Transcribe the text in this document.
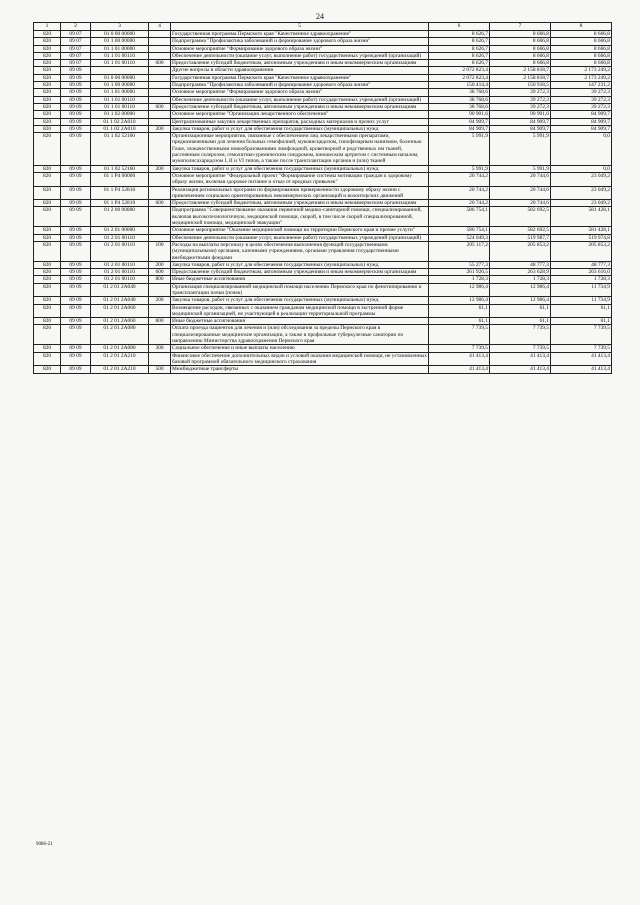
24
1	2	3	4	5	6	7	8
820	09 07	01 0 00 00000		Государственная программа Пермского края "Качественное здравоохранение"	8 626,7	8 666,8	8 666,8
820	09 07	01 1 00 00000		Подпрограмма "Профилактика заболеваний и формирование здорового образа жизни"	8 626,7	8 666,8	8 666,8
820	09 07	01 1 01 00000		Основное мероприятие "Формирование здорового образа жизни"	8 626,7	8 666,8	8 666,8
820	09 07	01 1 01 00110		Обеспечение деятельности (оказание услуг, выполнение работ) государственных учреждений (организаций)	8 626,7	8 666,8	8 666,8
820	09 07	01 1 01 00110	600	Предоставление субсидий бюджетным, автономным учреждениям и иным некоммерческим организациям	8 626,7	8 666,8	8 666,8
820	09 09			Другие вопросы в области здравоохранения	2 072 823,4	2 158 818,7	2 173 249,2
820	09 09	01 0 00 00000		Государственная программа Пермского края "Качественное здравоохранение"	2 072 823,4	2 158 818,7	2 173 249,2
820	09 09	01 1 00 00000		Подпрограмма "Профилактика заболеваний и формирование здорового образа жизни"	150 414,4	150 918,5	147 231,2
820	09 09	01 1 01 00000		Основное мероприятие "Формирование здорового образа жизни"	38 768,6	39 272,3	39 272,3
820	09 09	01 1 01 00110		Обеспечение деятельности (оказание услуг, выполнение работ) государственных учреждений (организаций)	38 768,6	39 272,3	39 272,3
820	09 09	01 1 01 00110	600	Предоставление субсидий бюджетным, автономным учреждениям и иным некоммерческим организациям	38 768,6	39 272,3	39 272,3
820	09 09	01 1 02 00000		Основное мероприятие "Организация лекарственного обеспечения"	90 901,6	90 901,6	84 909,7
820	09 09	01 1 02 2А010		Централизованные закупки лекарственных препаратов, расходных материалов и прочих услуг	84 909,7	84 909,7	84 909,7
820	09 09	01 1 02 2А010	200	Закупка товаров, работ и услуг для обеспечения государственных (муниципальных) нужд	84 909,7	84 909,7	84 909,7
820	09 09	01 1 02 52160		Организационные мероприятия, связанные с обеспечением лиц лекарственными препаратами, предназначенными для лечения больных гемофилией, муковисцидозом, гипофизарным нанизмом, болезнью Гоше, злокачественными новообразованиями лимфоидной, кроветворной и родственных им тканей, рассеянным склерозом, гемолитико-уремическим синдромом, юношеским артритом с системным началом, мукополисахаридозом I, II и VI типов, а также после трансплантации органов и (или) тканей	5 991,9	5 991,9	0,0
820	09 09	01 1 02 52160	200	Закупка товаров, работ и услуг для обеспечения государственных (муниципальных) нужд	5 991,9	5 991,9	0,0
820	09 09	01 1 P4 00000		Основное мероприятие "Федеральный проект "Формирование системы мотивации граждан к здоровому образу жизни, включая здоровое питание и отказ от вредных привычек"	20 744,2	20 744,6	23 049,2
820	09 09	01 1 P4 52810		Реализация региональных программ по формированию приверженности здоровому образу жизни с привлечением социально ориентированных некоммерческих организаций и волонтерских движений	20 744,2	20 744,6	23 049,2
820	09 09	01 1 P4 52810	600	Предоставление субсидий бюджетным, автономным учреждениям и иным некоммерческим организациям	20 744,2	20 744,6	23 049,2
820	09 09	01 2 00 00000		Подпрограмма "Совершенствование оказания первичной медико-санитарной помощи, специализированной, включая высокотехнологичную, медицинской помощи, скорой, в том числе скорой специализированной, медицинской помощи, медицинской эвакуации"	586 754,1	582 692,5	581 428,1
820	09 09	01 2 01 00000		Основное мероприятие "Оказание медицинской помощи на территории Пермского края и прочие услуги"	586 754,1	582 692,5	581 428,1
820	09 09	01 2 01 00110		Обеспечение деятельности (оказание услуг, выполнение работ) государственных учреждений (организаций)	524 049,3	519 987,7	519 974,8
820	09 09	01 2 01 00110	100	Расходы на выплаты персоналу в целях обеспечения выполнения функций государственными (муниципальными) органами, казенными учреждениями, органами управления государственными внебюджетными фондами	205 117,2	205 853,2	205 853,2
820	09 09	01 2 01 00110	200	Закупка товаров, работ и услуг для обеспечения государственных (муниципальных) нужд	55 277,3	48 777,3	48 777,3
820	09 09	01 2 01 00110	600	Предоставление субсидий бюджетным, автономным учреждениям и иным некоммерческим организациям	261 926,5	263 628,9	263 616,0
820	09 09	01 2 01 00110	800	Иные бюджетные ассигнования	1 728,3	1 728,3	1 728,3
820	09 09	01 2 01 2А040		Организация специализированной медицинской помощи населению Пермского края по фенотипированию и трансплантации почки (почек)	12 986,4	12 986,4	11 734,9
820	09 09	01 2 01 2А040	200	Закупка товаров, работ и услуг для обеспечения государственных (муниципальных) нужд	12 986,4	12 986,4	11 734,9
820	09 09	01 2 01 2А060		Возмещение расходов, связанных с оказанием гражданам медицинской помощи в экстренной форме медицинской организацией, не участвующей в реализации территориальной программы	61,1	61,1	61,1
820	09 09	01 2 01 2А060	800	Иные бюджетные ассигнования	61,1	61,1	61,1
820	09 09	01 2 01 2А080		Оплата проезда пациентов для лечения и (или) обследования за пределы Пермского края в специализированные медицинские организации, а также в профильные туберкулезные санатории по направлению Министерства здравоохранения Пермского края	7 739,5	7 739,5	7 739,5
820	09 09	01 2 01 2А080	300	Социальное обеспечение и иные выплаты населению	7 739,5	7 739,5	7 739,5
820	09 09	01 2 01 2А210		Финансовое обеспечение дополнительных видов и условий оказания медицинской помощи, не установленных базовой программой обязательного медицинского страхования	41 413,4	41 413,4	41 413,4
820	09 09	01 2 01 2А210	500	Межбюджетные трансферты	41 413,4	41 413,4	41 413,4
9086-21
